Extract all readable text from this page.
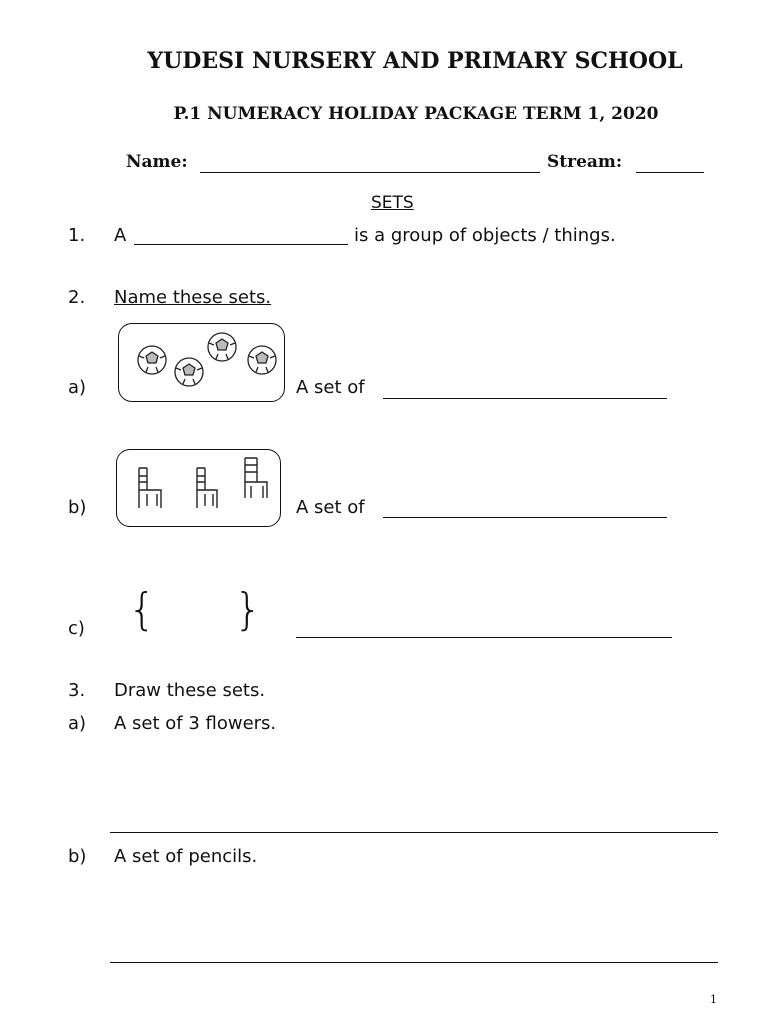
YUDESI NURSERY AND PRIMARY SCHOOL
P.1 NUMERACY HOLIDAY PACKAGE TERM 1, 2020
Name:	Stream:
SETS
1. A	is a group of objects / things.
2. Name these sets.
a)	A set of
b)	A set of
c) { }
3. Draw these sets.
a) A set of 3 flowers.
b) A set of pencils.
1
